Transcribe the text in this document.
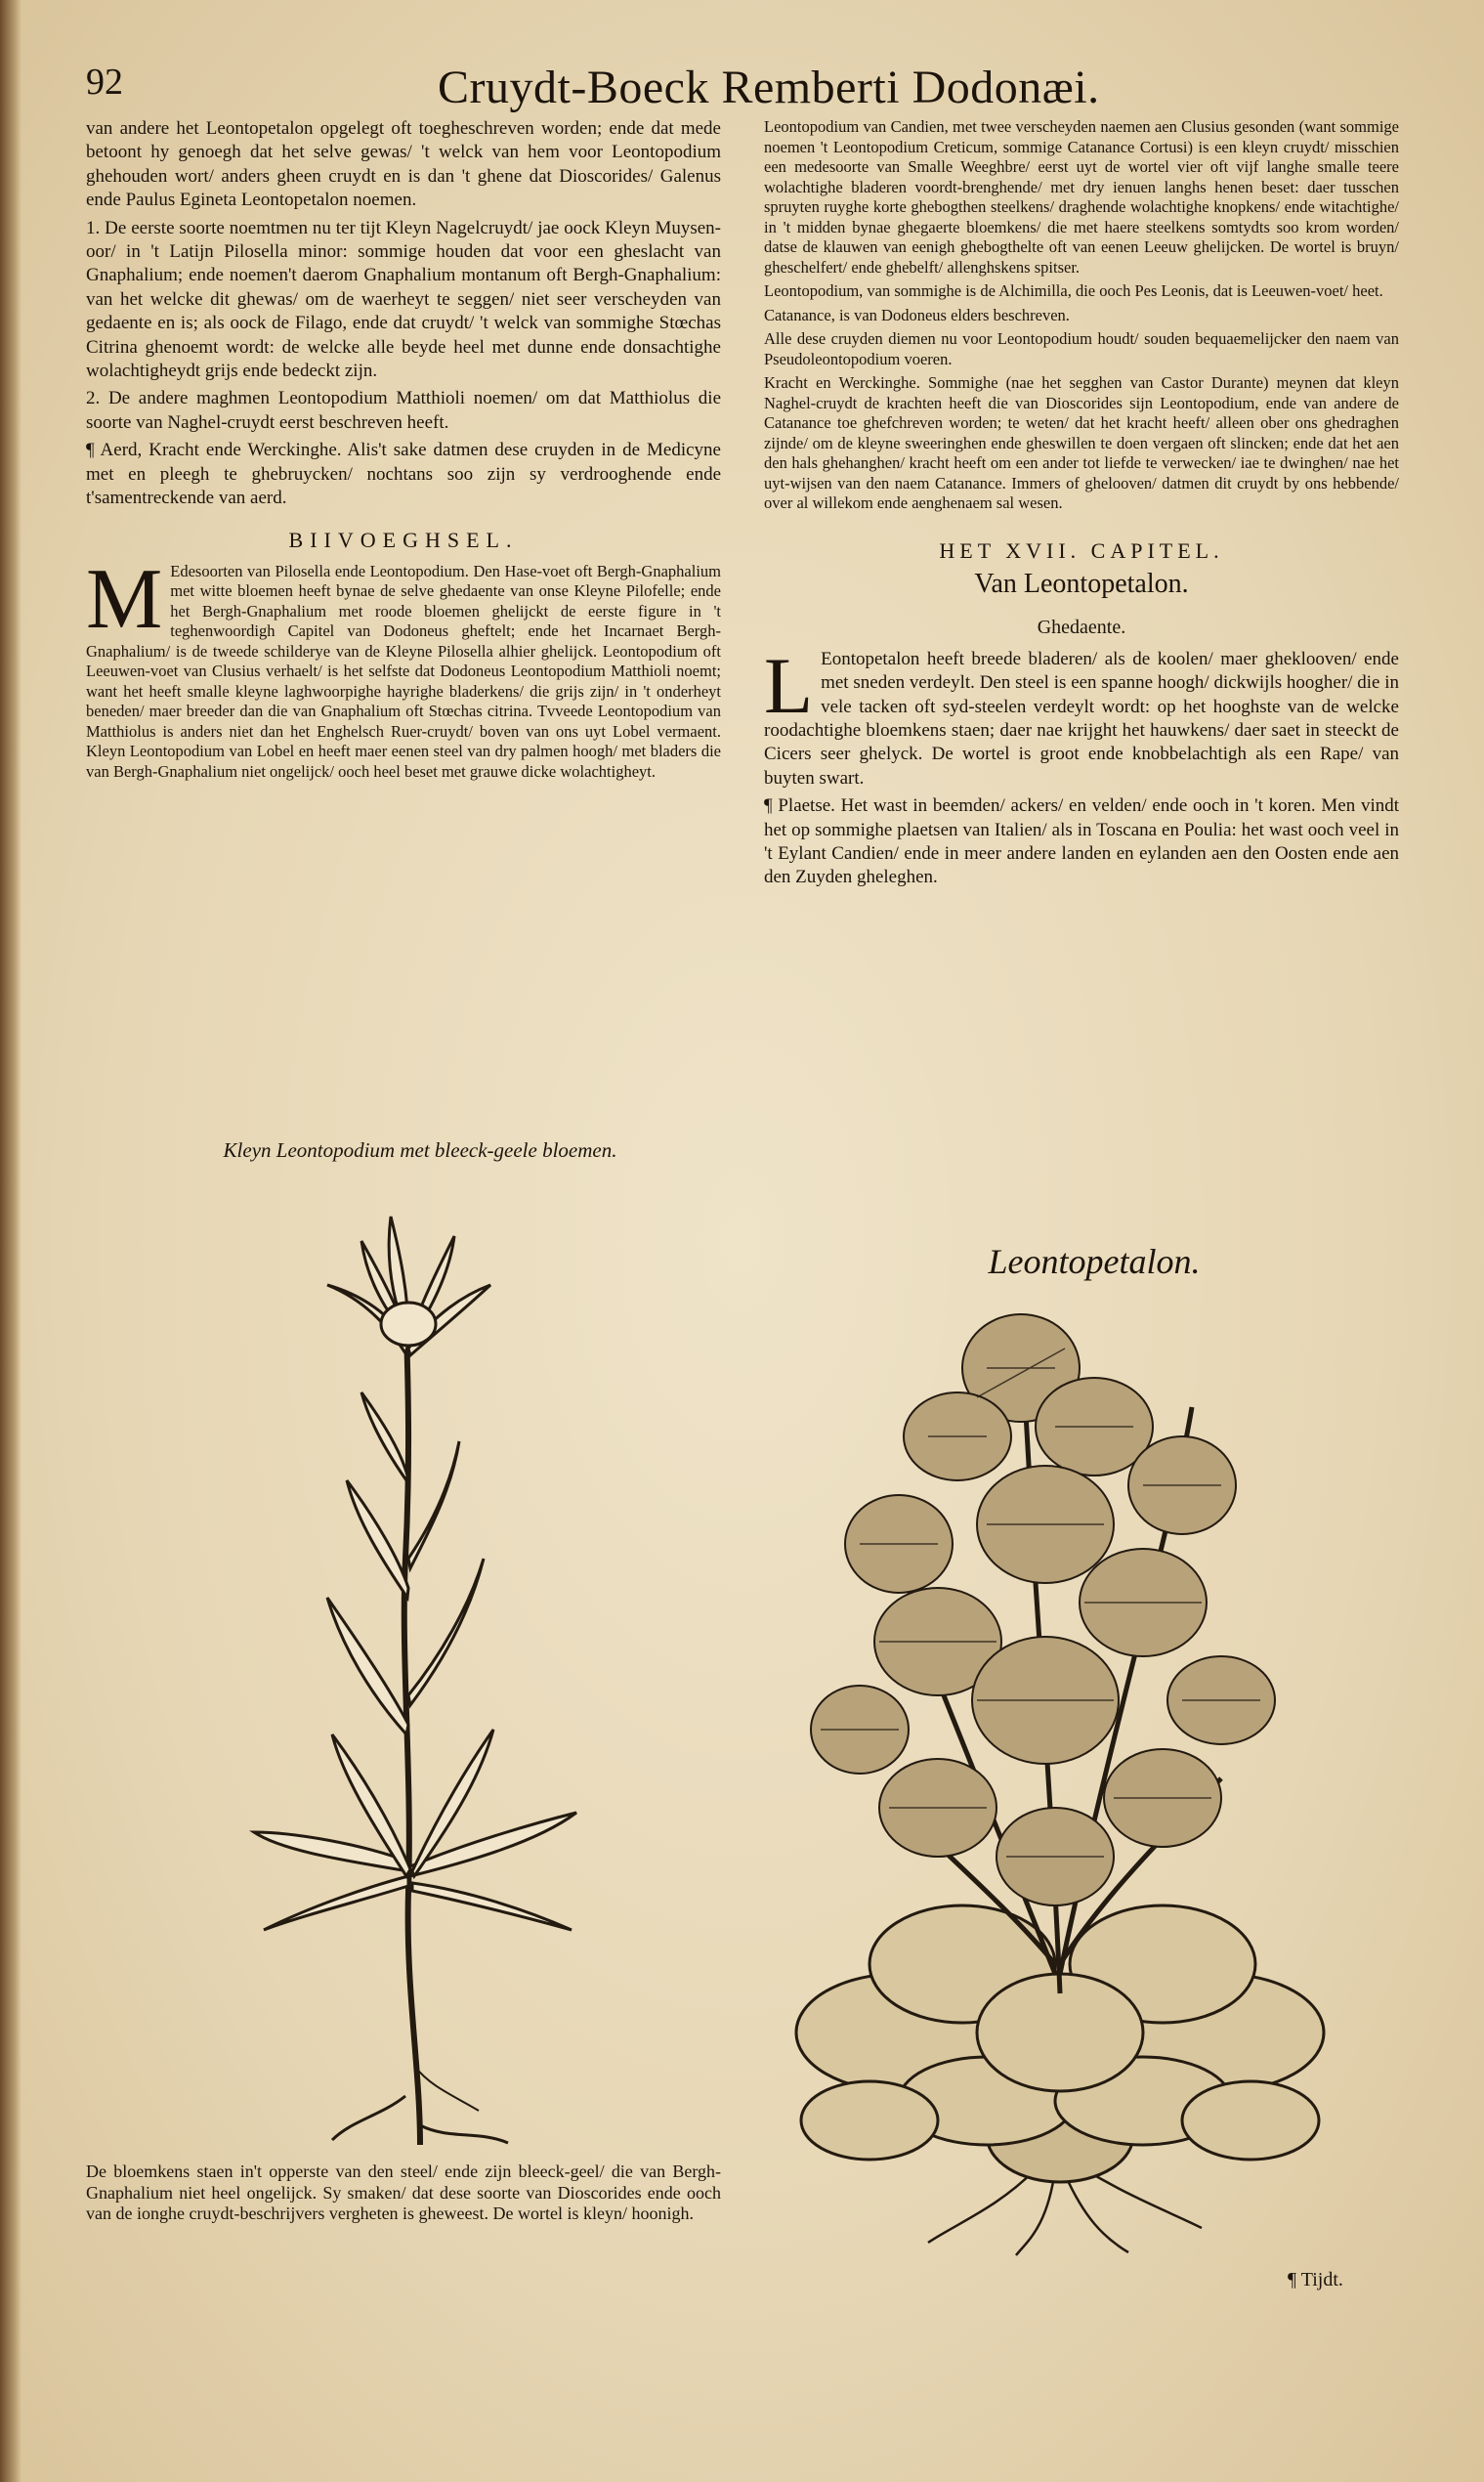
92	Cruydt-Boeck Remberti Dodonæi.

van andere het Leontopetalon opgelegt oft toegheschreven worden; ende dat mede betoont hy genoegh dat het selve gewas/ 't welck van hem voor Leontopodium ghehouden wort/ anders gheen cruydt en is dan 't ghene dat Dioscorides/ Galenus ende Paulus Egineta Leontopetalon noemen.

1. De eerste soorte noemtmen nu ter tijt Kleyn Nagelcruydt/ jae oock Kleyn Muysen-oor/ in 't Latijn Pilosella minor: sommige houden dat voor een gheslacht van Gnaphalium; ende noemen't daerom Gnaphalium montanum oft Bergh-Gnaphalium: van het welcke dit ghewas/ om de waerheyt te seggen/ niet seer verscheyden van gedaente en is; als oock de Filago, ende dat cruydt/ 't welck van sommighe Stœchas Citrina ghenoemt wordt: de welcke alle beyde heel met dunne ende donsachtighe wolachtigheydt grijs ende bedeckt zijn.

2. De andere maghmen Leontopodium Matthioli noemen/ om dat Matthiolus die soorte van Naghel-cruydt eerst beschreven heeft.

¶ Aerd, Kracht ende Werckinghe. Alis't sake datmen dese cruyden in de Medicyne met en pleegh te ghebruycken/ nochtans soo zijn sy verdrooghende ende t'samentreckende van aerd.

BIIVOEGHSEL.
M Edesoorten van Pilosella ende Leontopodium. Den Hase-voet oft Bergh-Gnaphalium met witte bloemen heeft bynae de selve ghedaente van onse Kleyne Pilofelle; ende het Bergh-Gnaphalium met roode bloemen ghelijckt de eerste figure in 't teghenwoordigh Capitel van Dodoneus gheftelt; ende het Incarnaet Bergh-Gnaphalium/ is de tweede schilderye van de Kleyne Pilosella alhier ghelijck. Leontopodium oft Leeuwen-voet van Clusius verhaelt/ is het selfste dat Dodoneus Leontopodium Matthioli noemt; want het heeft smalle kleyne laghwoorpighe hayrighe bladerkens/ die grijs zijn/ in 't onderheyt beneden/ maer breeder dan die van Gnaphalium oft Stœchas citrina. Tvveede Leontopodium van Matthiolus is anders niet dan het Enghelsch Ruer-cruydt/ boven van ons uyt Lobel vermaent. Kleyn Leontopodium van Lobel en heeft maer eenen steel van dry palmen hoogh/ met bladers die van Bergh-Gnaphalium niet ongelijck/ ooch heel beset met grauwe dicke wolachtigheyt.
Kleyn Leontopodium met bleeck-geele bloemen.
De bloemkens staen in't opperste van den steel/ ende zijn bleeck-geel/ die van Bergh-Gnaphalium niet heel ongelijck. Sy smaken/ dat dese soorte van Dioscorides ende ooch van de ionghe cruydt-beschrijvers vergheten is gheweest. De wortel is kleyn/ hoonigh.

Leontopodium van Candien, met twee verscheyden naemen aen Clusius gesonden (want sommige noemen 't Leontopodium Creticum, sommige Catanance Cortusi) is een kleyn cruydt/ misschien een medesoorte van Smalle Weeghbre/ eerst uyt de wortel vier oft vijf langhe smalle teere wolachtighe bladeren voordt-brenghende/ met dry ienuen langhs henen beset: daer tusschen spruyten ruyghe korte ghebogthen steelkens/ draghende wolachtighe knopkens/ ende witachtighe/ in 't midden bynae ghegaerte bloemkens/ die met haere steelkens somtydts soo krom worden/ datse de klauwen van eenigh ghebogthelte oft van eenen Leeuw ghelijcken. De wortel is bruyn/ gheschelfert/ ende ghebelft/ allenghskens spitser.

Leontopodium, van sommighe is de Alchimilla, die ooch Pes Leonis, dat is Leeuwen-voet/ heet.

Catanance, is van Dodoneus elders beschreven.

Alle dese cruyden diemen nu voor Leontopodium houdt/ souden bequaemelijcker den naem van Pseudoleontopodium voeren.

Kracht en Werckinghe. Sommighe (nae het segghen van Castor Durante) meynen dat kleyn Naghel-cruydt de krachten heeft die van Dioscorides sijn Leontopodium, ende van andere de Catanance toe ghefchreven worden; te weten/ dat het kracht heeft/ alleen ober ons ghedraghen zijnde/ om de kleyne sweeringhen ende gheswillen te doen vergaen oft slincken; ende dat het aen den hals ghehanghen/ kracht heeft om een ander tot liefde te verwecken/ iae te dwinghen/ nae het uyt-wijsen van den naem Catanance. Immers of ghelooven/ datmen dit cruydt by ons hebbende/ over al willekom ende aenghenaem sal wesen.

HET XVII. CAPITEL.
Van Leontopetalon.
Ghedaente.

L Eontopetalon heeft breede bladeren/ als de koolen/ maer gheklooven/ ende met sneden verdeylt. Den steel is een spanne hoogh/ dickwijls hoogher/ die in vele tacken oft syd-steelen verdeylt wordt: op het hooghste van de welcke roodachtighe bloemkens staen; daer nae krijght het hauwkens/ daer saet in steeckt de Cicers seer ghelyck. De wortel is groot ende knobbelachtigh als een Rape/ van buyten swart.

¶ Plaetse. Het wast in beemden/ ackers/ en velden/ ende ooch in 't koren. Men vindt het op sommighe plaetsen van Italien/ als in Toscana en Poulia: het wast ooch veel in 't Eylant Candien/ ende in meer andere landen en eylanden aen den Oosten ende aen den Zuyden gheleghen.

Leontopetalon.
¶ Tijdt.
